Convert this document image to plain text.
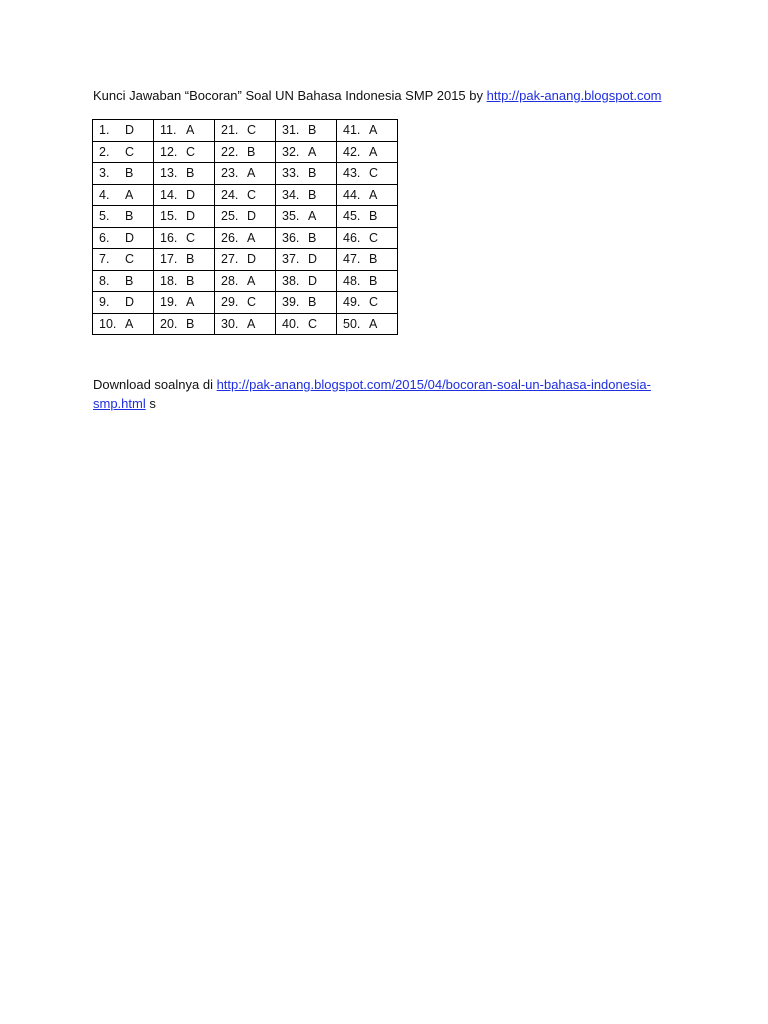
Kunci Jawaban “Bocoran” Soal UN Bahasa Indonesia SMP 2015 by http://pak-anang.blogspot.com
1. D	11. A	21. C	31. B	41. A
2. C	12. C	22. B	32. A	42. A
3. B	13. B	23. A	33. B	43. C
4. A	14. D	24. C	34. B	44. A
5. B	15. D	25. D	35. A	45. B
6. D	16. C	26. A	36. B	46. C
7. C	17. B	27. D	37. D	47. B
8. B	18. B	28. A	38. D	48. B
9. D	19. A	29. C	39. B	49. C
10. A	20. B	30. A	40. C	50. A
Download soalnya di http://pak-anang.blogspot.com/2015/04/bocoran-soal-un-bahasa-indonesia-smp.html s
